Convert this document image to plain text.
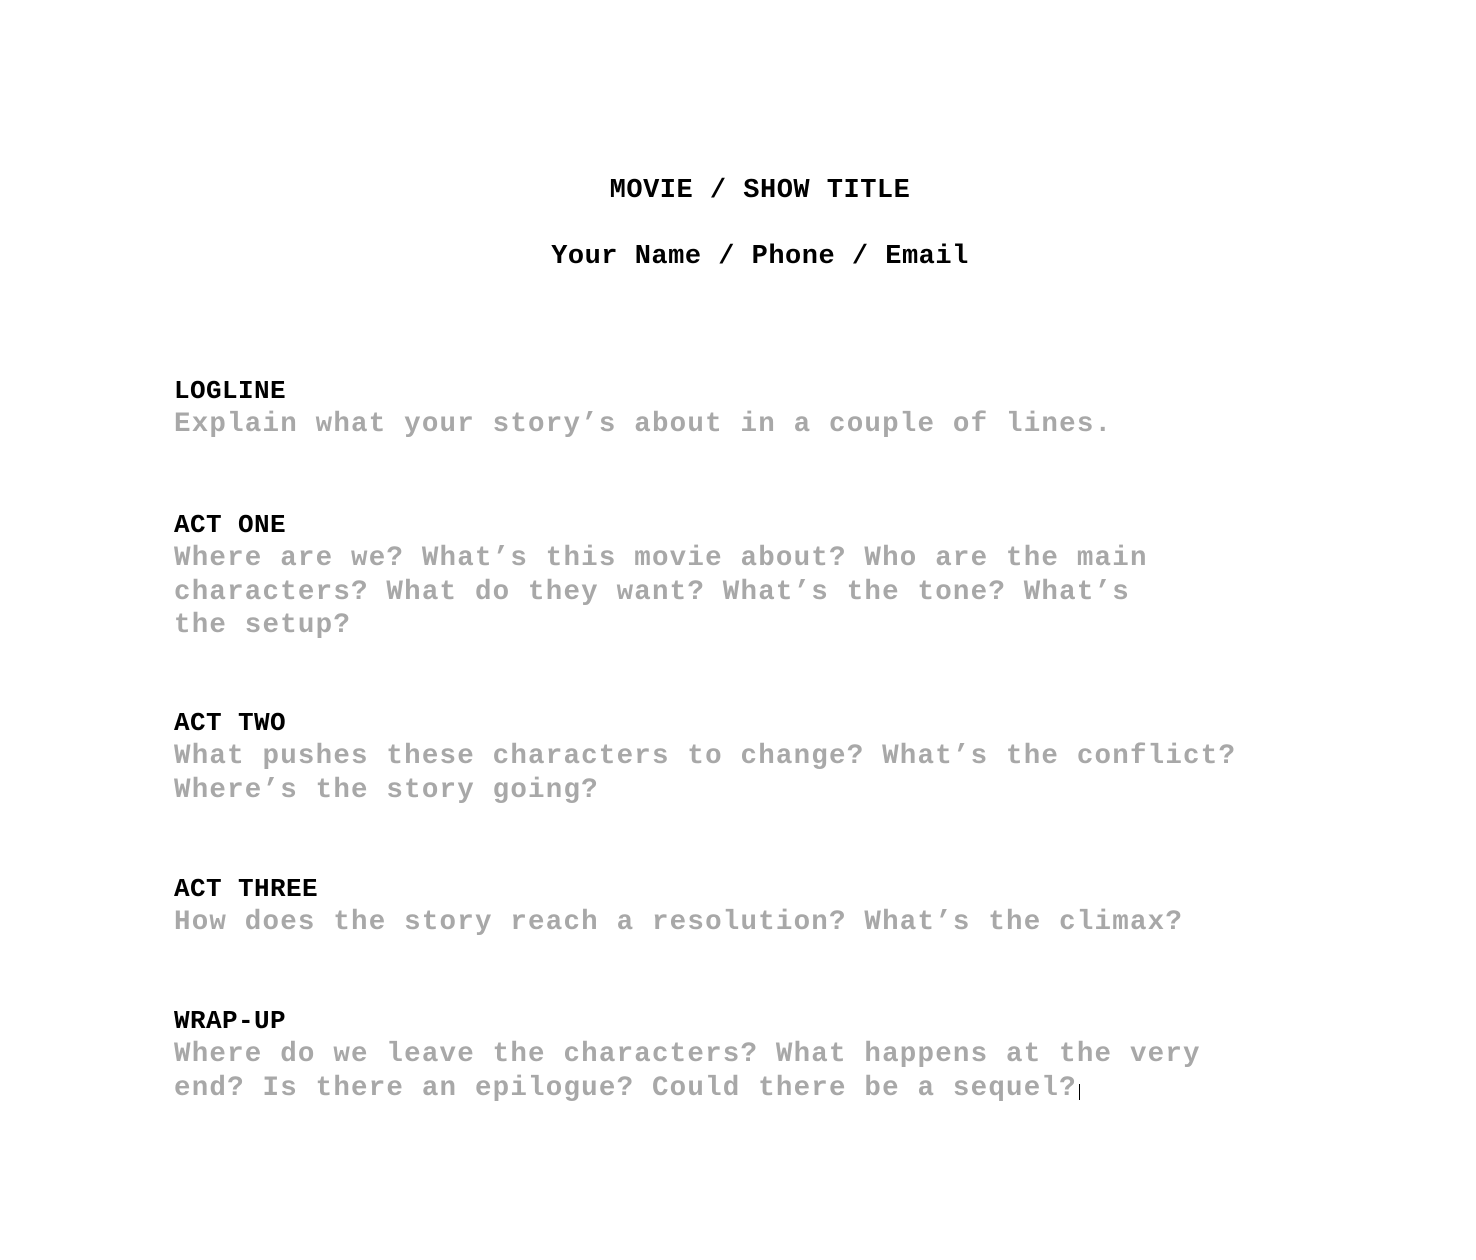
MOVIE / SHOW TITLE
Your Name / Phone / Email
LOGLINE
Explain what your story’s about in a couple of lines.
ACT ONE
Where are we? What’s this movie about? Who are the main
characters? What do they want? What’s the tone? What’s
the setup?
ACT TWO
What pushes these characters to change? What’s the conflict?
Where’s the story going?
ACT THREE
How does the story reach a resolution? What’s the climax?
WRAP-UP
Where do we leave the characters? What happens at the very
end? Is there an epilogue? Could there be a sequel?
